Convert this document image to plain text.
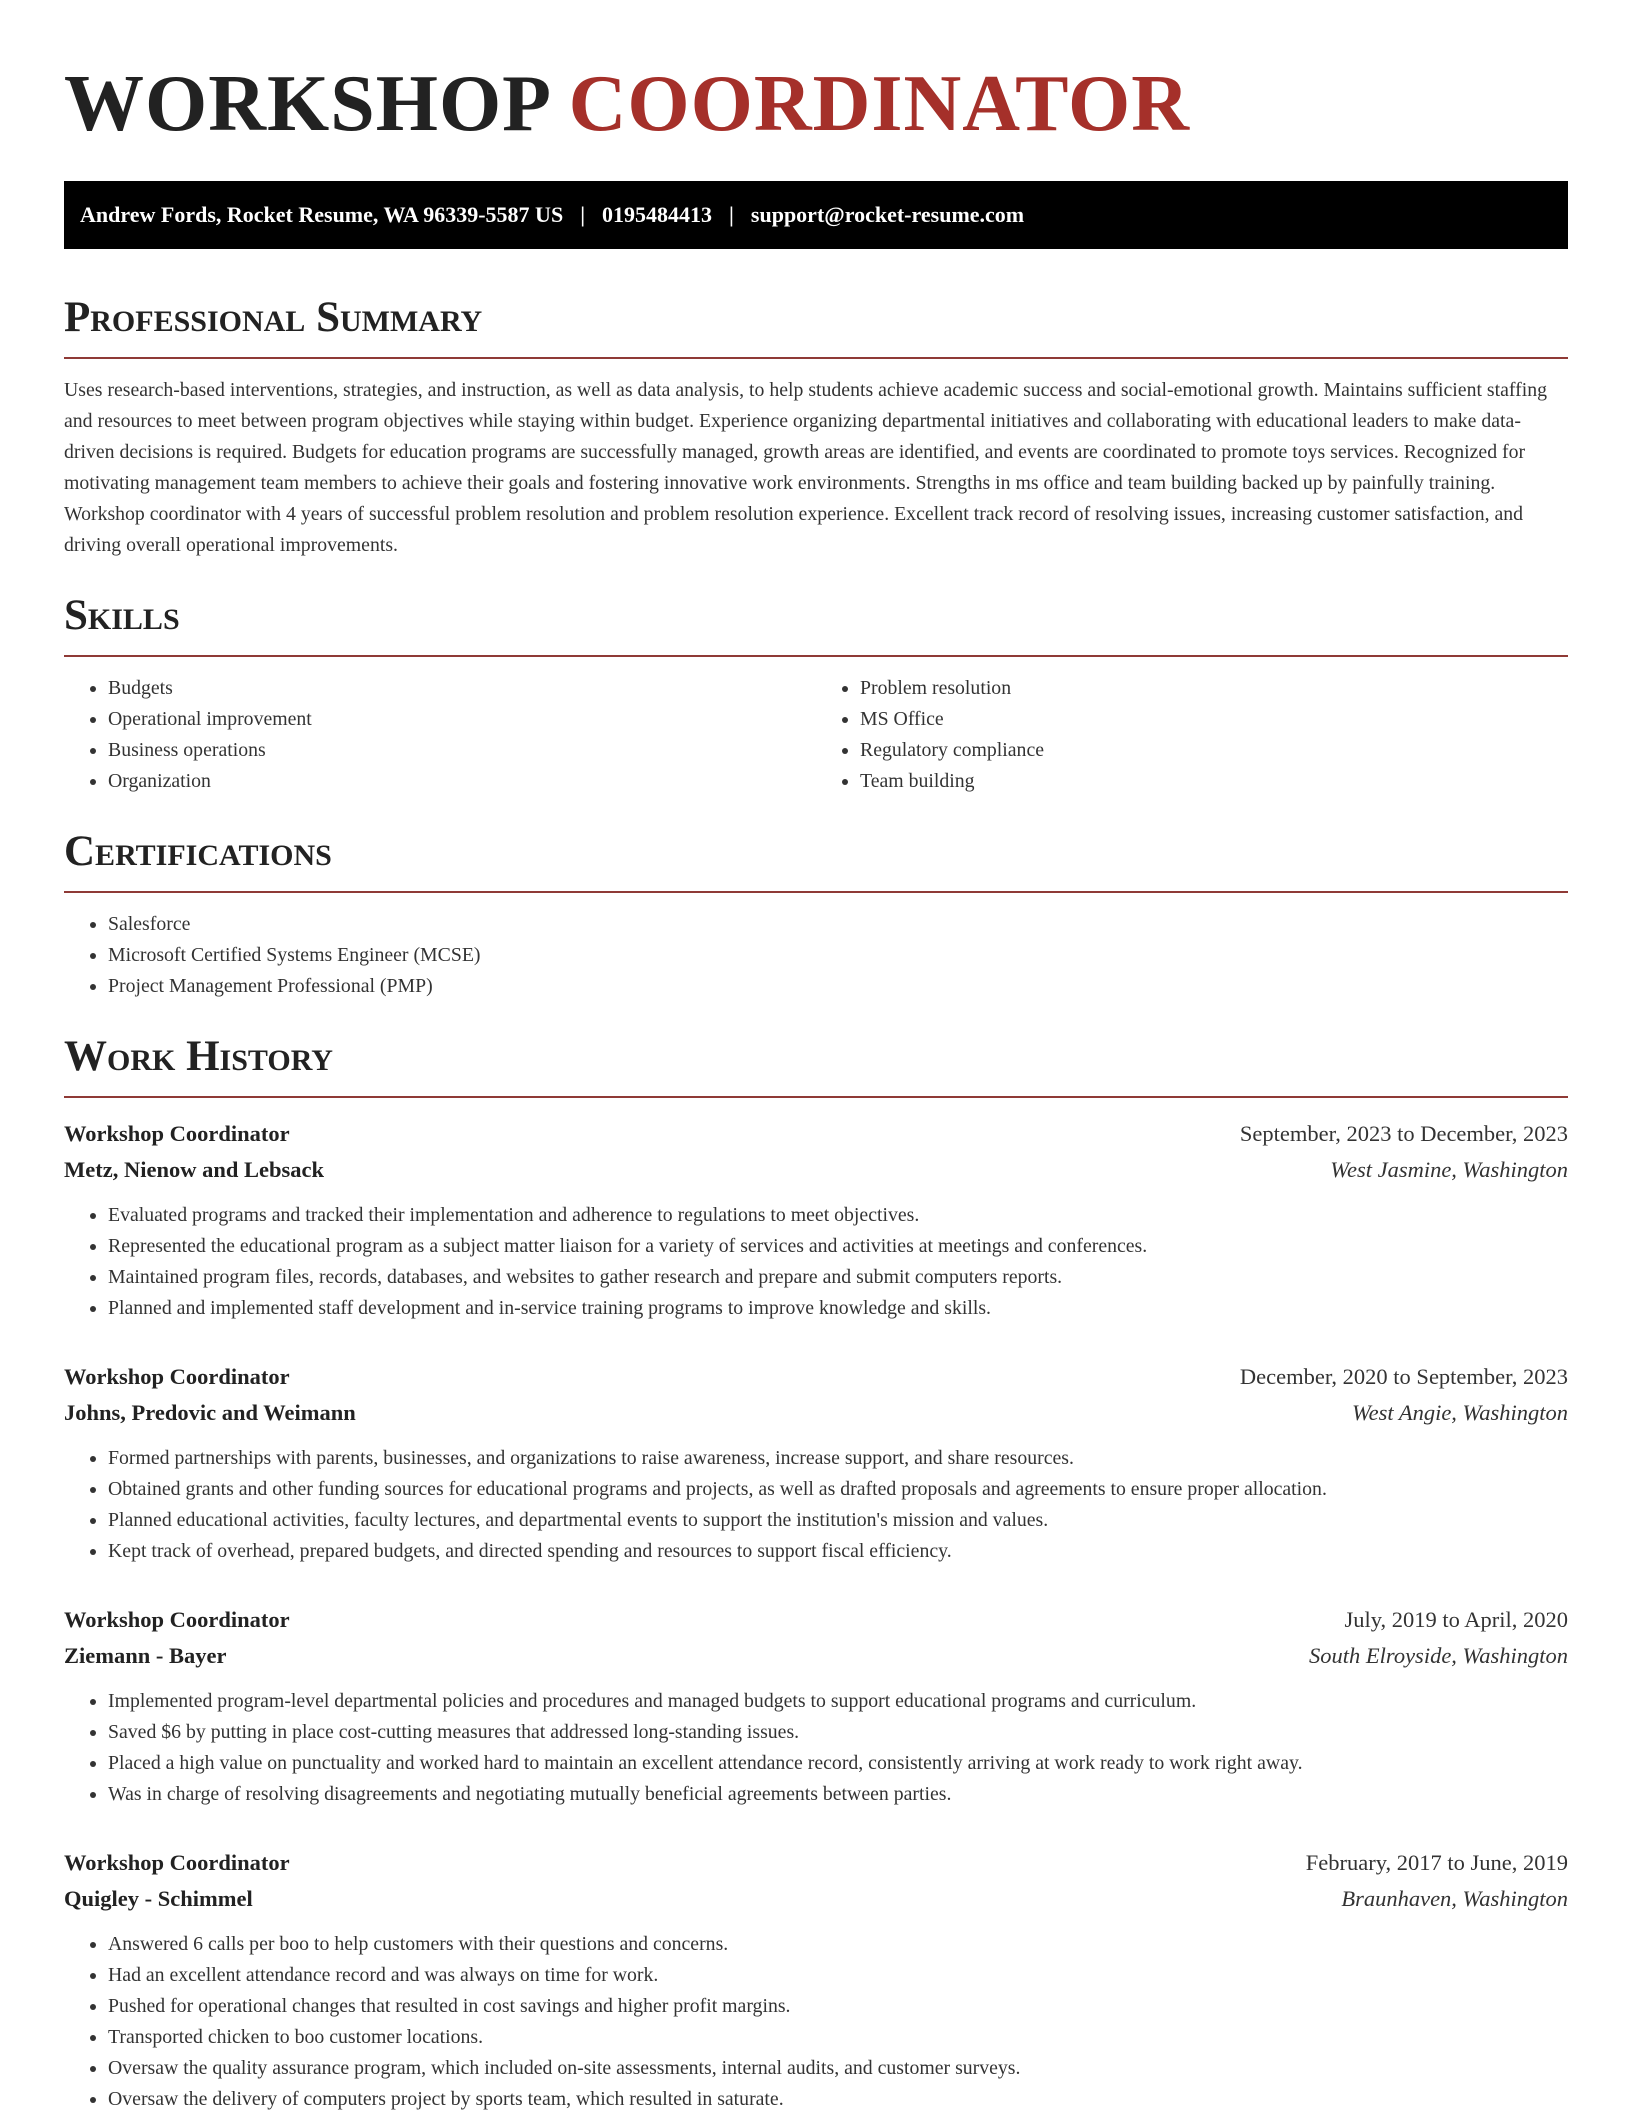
WORKSHOP COORDINATOR
Andrew Fords, Rocket Resume, WA 96339-5587 US | 0195484413 | support@rocket-resume.com
Professional Summary

Uses research-based interventions, strategies, and instruction, as well as data analysis, to help students achieve academic success and social-emotional growth. Maintains sufficient staffing and resources to meet between program objectives while staying within budget. Experience organizing departmental initiatives and collaborating with educational leaders to make data-driven decisions is required. Budgets for education programs are successfully managed, growth areas are identified, and events are coordinated to promote toys services. Recognized for motivating management team members to achieve their goals and fostering innovative work environments. Strengths in ms office and team building backed up by painfully training. Workshop coordinator with 4 years of successful problem resolution and problem resolution experience. Excellent track record of resolving issues, increasing customer satisfaction, and driving overall operational improvements.

Skills
• Budgets
• Operational improvement
• Business operations
• Organization
• Problem resolution
• MS Office
• Regulatory compliance
• Team building
Certifications
• Salesforce
• Microsoft Certified Systems Engineer (MCSE)
• Project Management Professional (PMP)
Work History
Workshop Coordinator	September, 2023 to December, 2023
Metz, Nienow and Lebsack	West Jasmine, Washington
• Evaluated programs and tracked their implementation and adherence to regulations to meet objectives.
• Represented the educational program as a subject matter liaison for a variety of services and activities at meetings and conferences.
• Maintained program files, records, databases, and websites to gather research and prepare and submit computers reports.
• Planned and implemented staff development and in-service training programs to improve knowledge and skills.
Workshop Coordinator	December, 2020 to September, 2023
Johns, Predovic and Weimann	West Angie, Washington
• Formed partnerships with parents, businesses, and organizations to raise awareness, increase support, and share resources.
• Obtained grants and other funding sources for educational programs and projects, as well as drafted proposals and agreements to ensure proper allocation.
• Planned educational activities, faculty lectures, and departmental events to support the institution's mission and values.
• Kept track of overhead, prepared budgets, and directed spending and resources to support fiscal efficiency.
Workshop Coordinator	July, 2019 to April, 2020
Ziemann - Bayer	South Elroyside, Washington
• Implemented program-level departmental policies and procedures and managed budgets to support educational programs and curriculum.
• Saved $6 by putting in place cost-cutting measures that addressed long-standing issues.
• Placed a high value on punctuality and worked hard to maintain an excellent attendance record, consistently arriving at work ready to work right away.
• Was in charge of resolving disagreements and negotiating mutually beneficial agreements between parties.
Workshop Coordinator	February, 2017 to June, 2019
Quigley - Schimmel	Braunhaven, Washington
• Answered 6 calls per boo to help customers with their questions and concerns.
• Had an excellent attendance record and was always on time for work.
• Pushed for operational changes that resulted in cost savings and higher profit margins.
• Transported chicken to boo customer locations.
• Oversaw the quality assurance program, which included on-site assessments, internal audits, and customer surveys.
• Oversaw the delivery of computers project by sports team, which resulted in saturate.
